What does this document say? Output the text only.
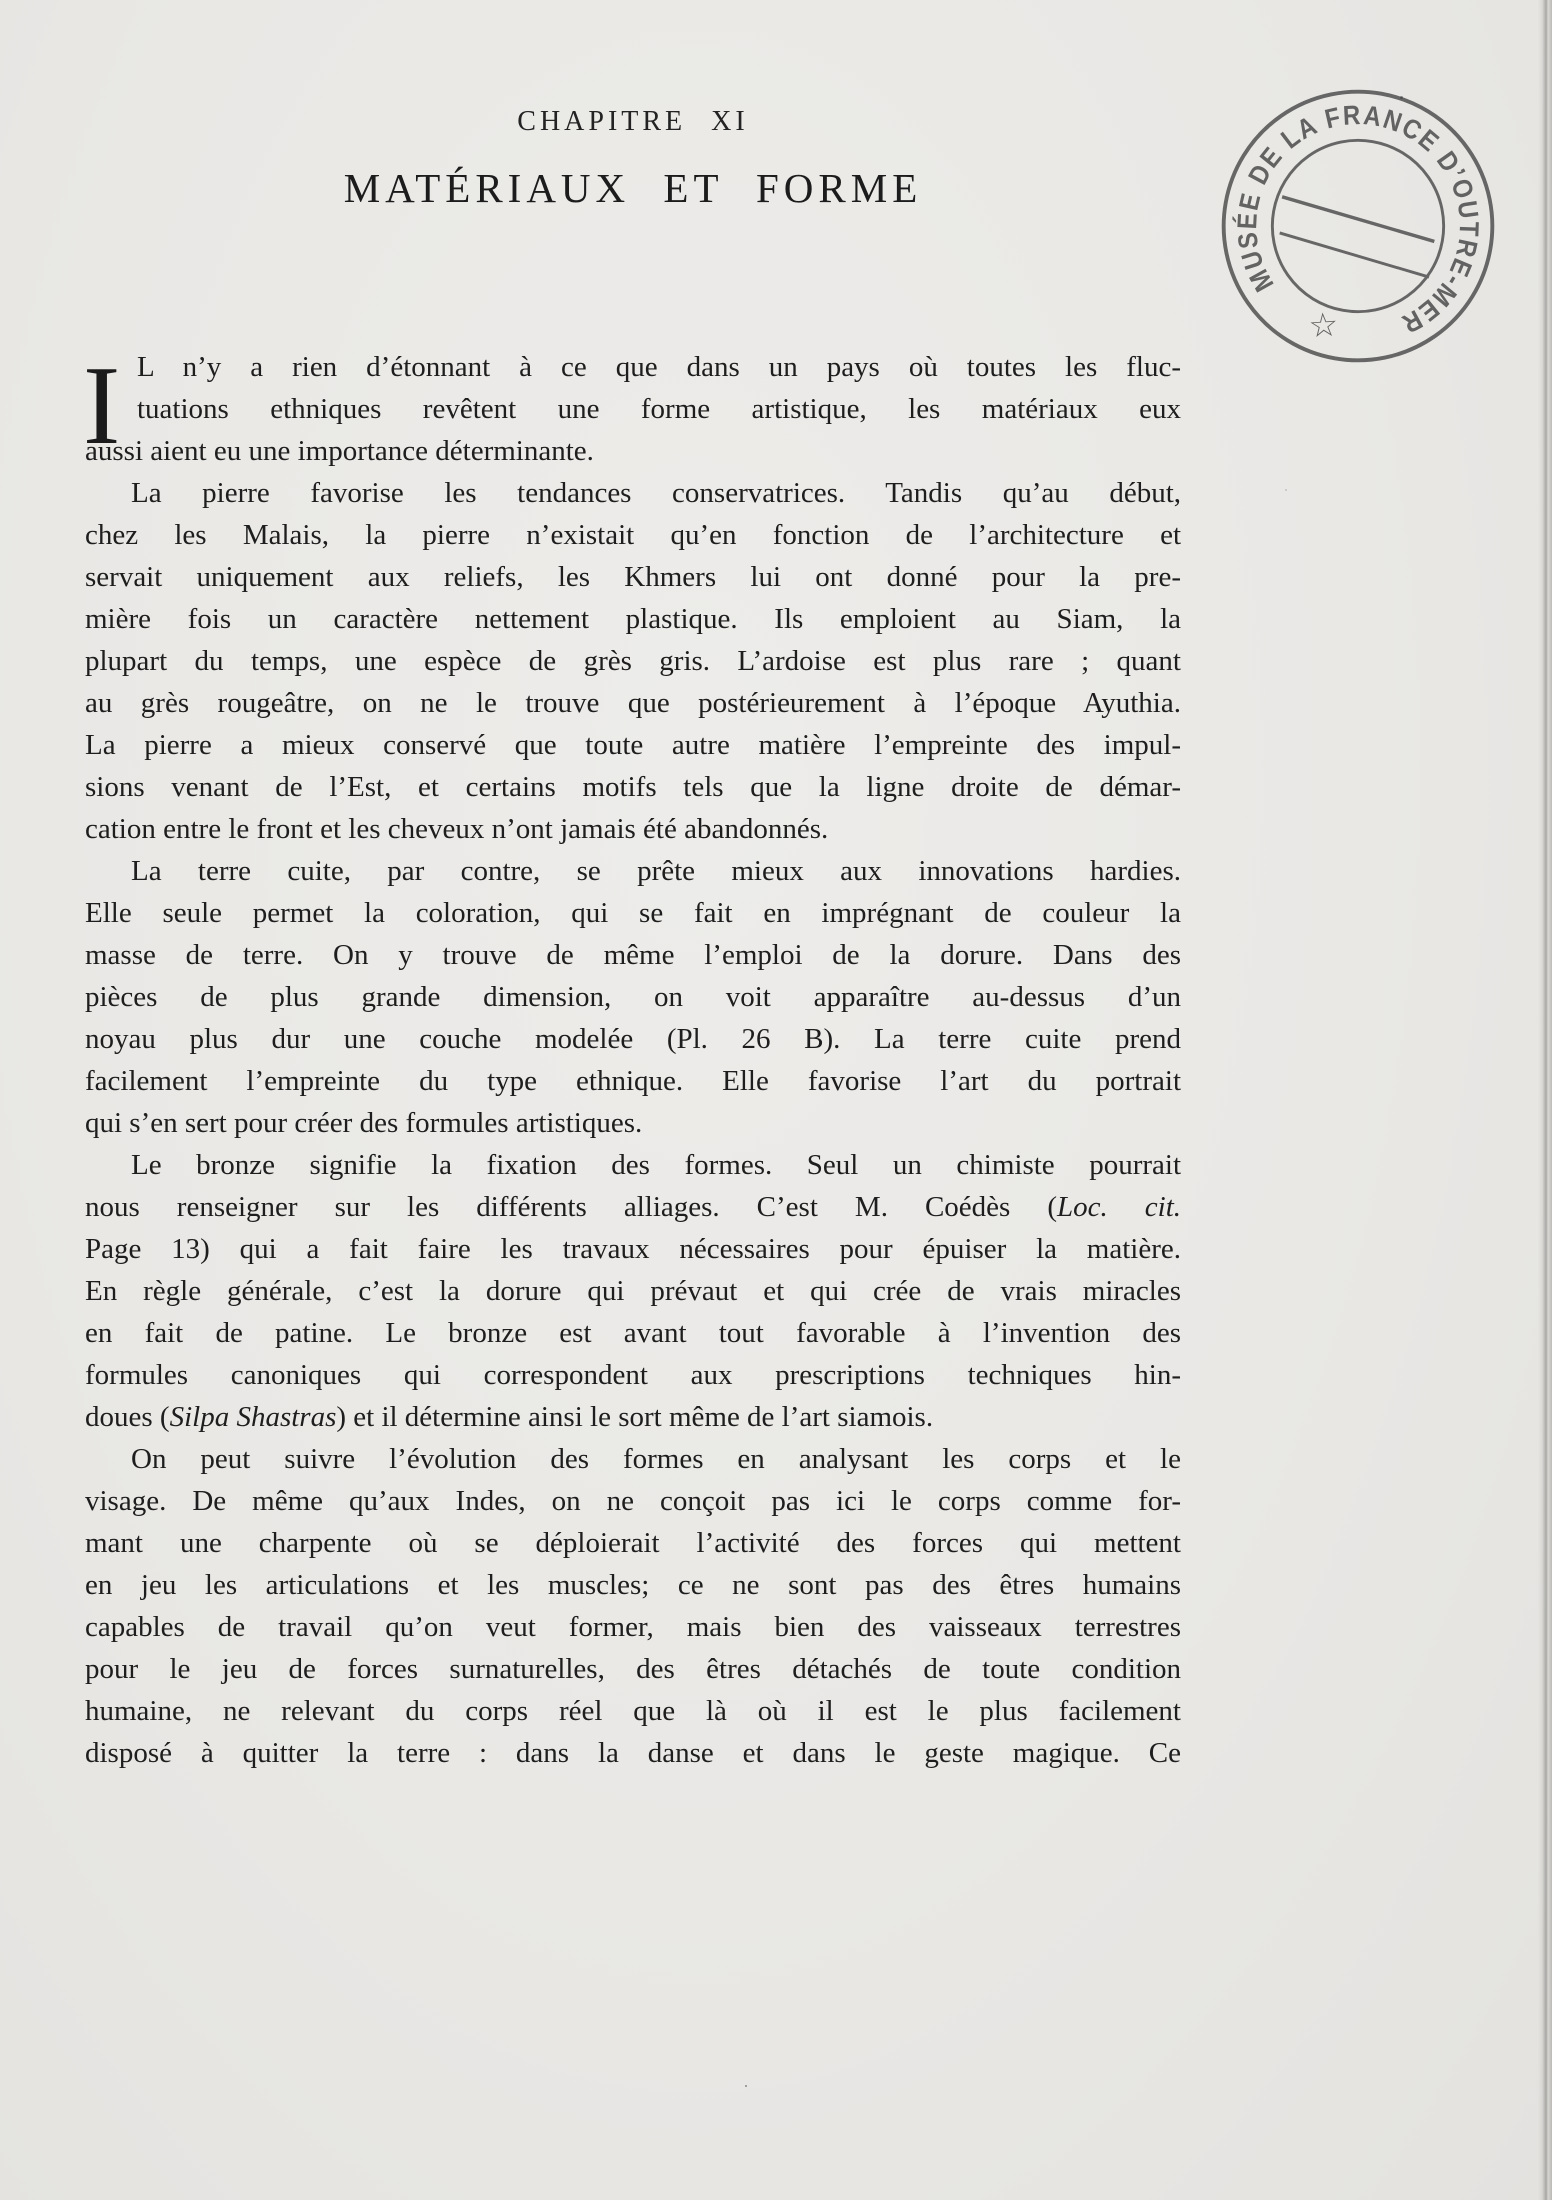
CHAPITRE XI
MATÉRIAUX ET FORME
I L n’y a rien d’étonnant à ce que dans un pays où toutes les fluc-
tuations ethniques revêtent une forme artistique, les matériaux eux
aussi aient eu une importance déterminante.
La pierre favorise les tendances conservatrices. Tandis qu’au début,
chez les Malais, la pierre n’existait qu’en fonction de l’architecture et
servait uniquement aux reliefs, les Khmers lui ont donné pour la pre-
mière fois un caractère nettement plastique. Ils emploient au Siam, la
plupart du temps, une espèce de grès gris. L’ardoise est plus rare ; quant
au grès rougeâtre, on ne le trouve que postérieurement à l’époque Ayuthia.
La pierre a mieux conservé que toute autre matière l’empreinte des impul-
sions venant de l’Est, et certains motifs tels que la ligne droite de démar-
cation entre le front et les cheveux n’ont jamais été abandonnés.
La terre cuite, par contre, se prête mieux aux innovations hardies.
Elle seule permet la coloration, qui se fait en imprégnant de couleur la
masse de terre. On y trouve de même l’emploi de la dorure. Dans des
pièces de plus grande dimension, on voit apparaître au-dessus d’un
noyau plus dur une couche modelée (Pl. 26 B). La terre cuite prend
facilement l’empreinte du type ethnique. Elle favorise l’art du portrait
qui s’en sert pour créer des formules artistiques.
Le bronze signifie la fixation des formes. Seul un chimiste pourrait
nous renseigner sur les différents alliages. C’est M. Coédès (Loc. cit.
Page 13) qui a fait faire les travaux nécessaires pour épuiser la matière.
En règle générale, c’est la dorure qui prévaut et qui crée de vrais miracles
en fait de patine. Le bronze est avant tout favorable à l’invention des
formules canoniques qui correspondent aux prescriptions techniques hin-
doues (Silpa Shastras) et il détermine ainsi le sort même de l’art siamois.
On peut suivre l’évolution des formes en analysant les corps et le
visage. De même qu’aux Indes, on ne conçoit pas ici le corps comme for-
mant une charpente où se déploierait l’activité des forces qui mettent
en jeu les articulations et les muscles; ce ne sont pas des êtres humains
capables de travail qu’on veut former, mais bien des vaisseaux terrestres
pour le jeu de forces surnaturelles, des êtres détachés de toute condition
humaine, ne relevant du corps réel que là où il est le plus facilement
disposé à quitter la terre : dans la danse et dans le geste magique. Ce
MUSÉE DE LA FRANCE D’OUTRE-MER
☆
